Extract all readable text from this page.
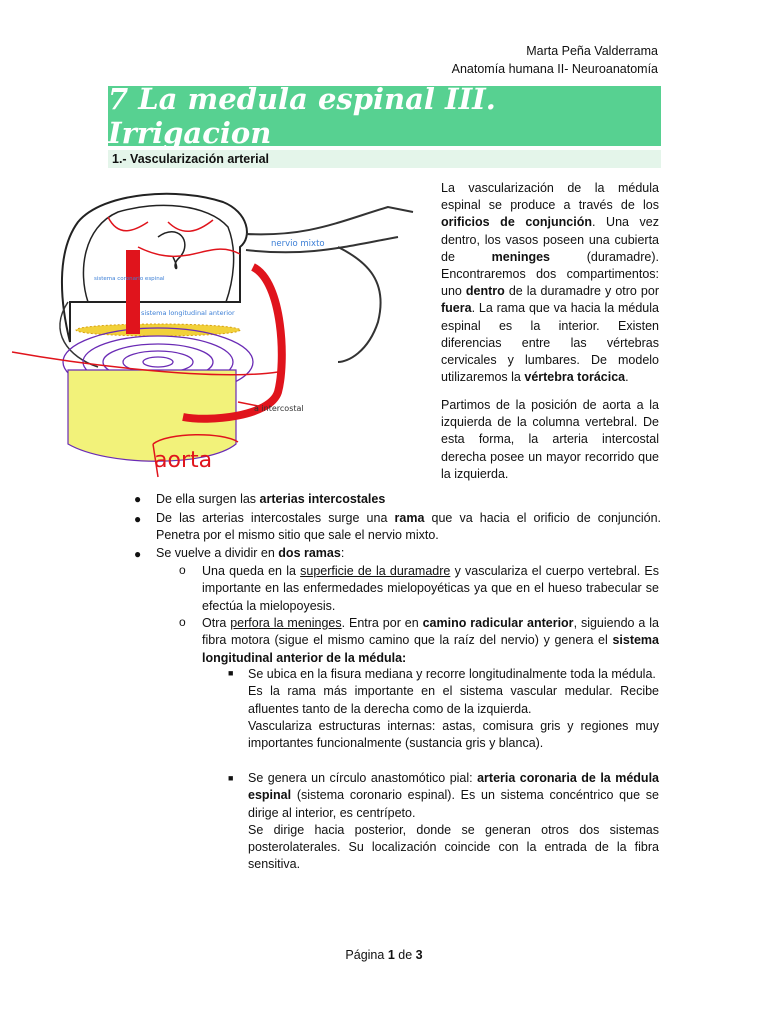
Marta Peña Valderrama
Anatomía humana II- Neuroanatomía
7 La medula espinal III. Irrigacion
1.- Vascularización arterial
La vascularización de la médula espinal se produce a través de los orificios de conjunción. Una vez dentro, los vasos poseen una cubierta de meninges (duramadre). Encontraremos dos compartimentos: uno dentro de la duramadre y otro por fuera. La rama que va hacia la médula espinal es la interior. Existen diferencias entre las vértebras cervicales y lumbares. De modelo utilizaremos la vértebra torácica.
Partimos de la posición de aorta a la izquierda de la columna vertebral. De esta forma, la arteria intercostal derecha posee un mayor recorrido que la izquierda.
nervio mixto
sistema coronario espinal
sistema longitudinal anterior
a intercostal
aorta
● De ella surgen las arterias intercostales
● De las arterias intercostales surge una rama que va hacia el orificio de conjunción. Penetra por el mismo sitio que sale el nervio mixto.
● Se vuelve a dividir en dos ramas:
o Una queda en la superficie de la duramadre y vasculariza el cuerpo vertebral. Es importante en las enfermedades mielopoyéticas ya que en el hueso trabecular se efectúa la mielopoyesis.
o Otra perfora la meninges. Entra por en camino radicular anterior, siguiendo a la fibra motora (sigue el mismo camino que la raíz del nervio) y genera el sistema longitudinal anterior de la médula:
■ Se ubica en la fisura mediana y recorre longitudinalmente toda la médula.
Es la rama más importante en el sistema vascular medular. Recibe afluentes tanto de la derecha como de la izquierda.
Vasculariza estructuras internas: astas, comisura gris y regiones muy importantes funcionalmente (sustancia gris y blanca).
■ Se genera un círculo anastomótico pial: arteria coronaria de la médula espinal (sistema coronario espinal). Es un sistema concéntrico que se dirige al interior, es centrípeto.
Se dirige hacia posterior, donde se generan otros dos sistemas posterolaterales. Su localización coincide con la entrada de la fibra sensitiva.
Página 1 de 3
